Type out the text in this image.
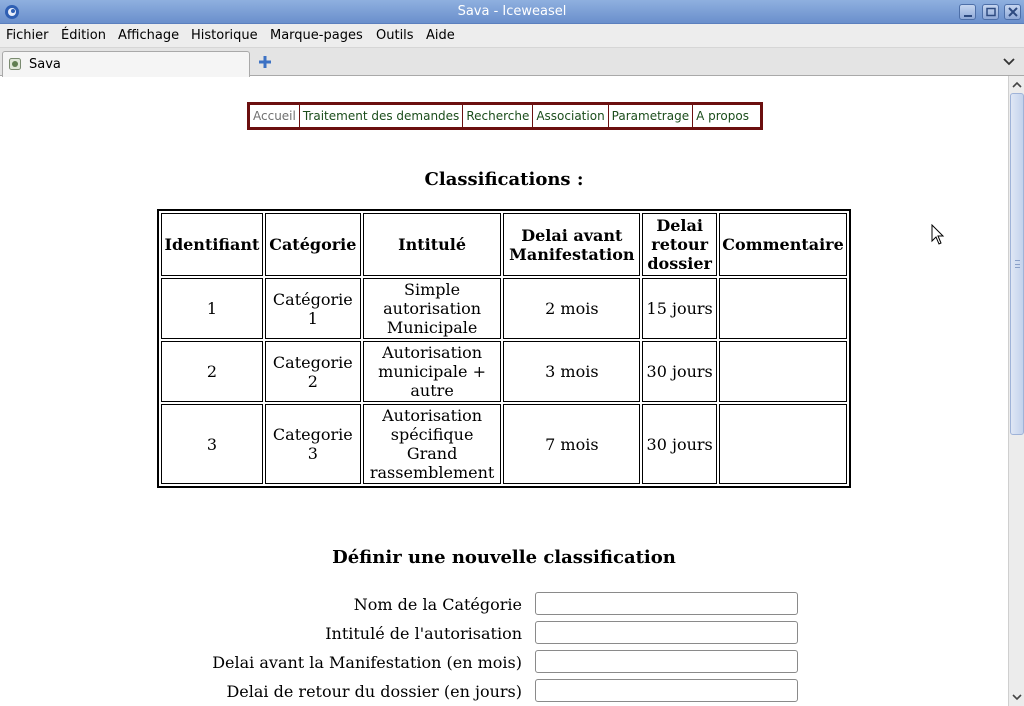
Sava - Iceweasel
Fichier Édition Affichage Historique Marque-pages Outils Aide
Sava
Accueil Traitement des demandes Recherche Association Parametrage A propos
Classifications :
Identifiant	Catégorie	Intitulé	Delai avant Manifestation	Delai retour dossier	Commentaire
1	Catégorie 1	Simple autorisation Municipale	2 mois	15 jours	
2	Categorie 2	Autorisation municipale + autre	3 mois	30 jours	
3	Categorie 3	Autorisation spécifique Grand rassemblement	7 mois	30 jours	
Définir une nouvelle classification
Nom de la Catégorie
Intitulé de l'autorisation
Delai avant la Manifestation (en mois)
Delai de retour du dossier (en jours)
